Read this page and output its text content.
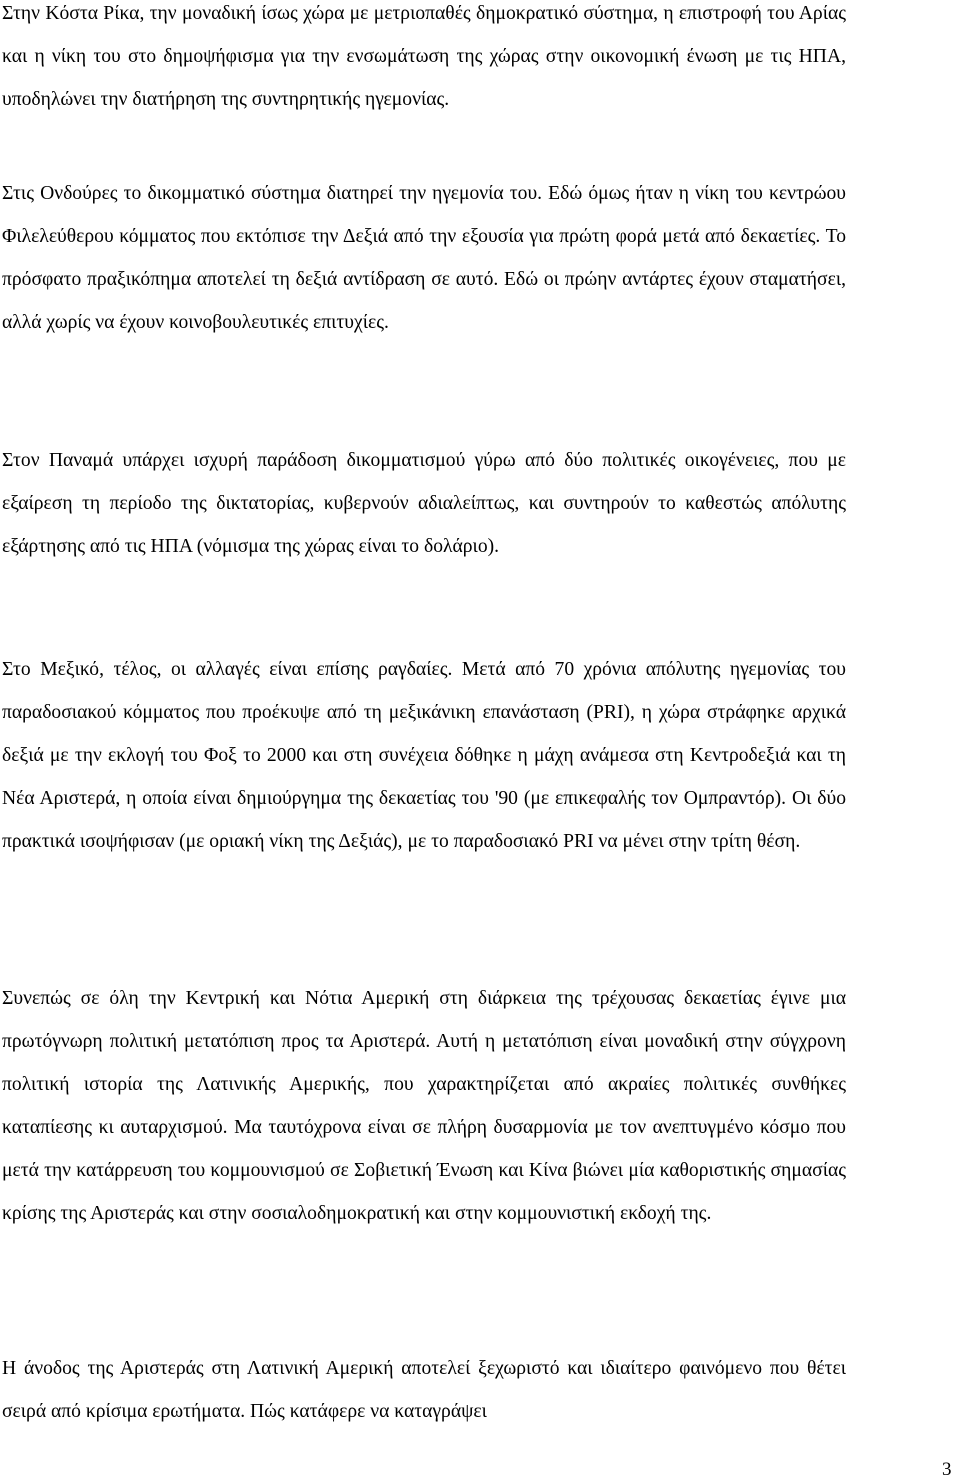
Στην Κόστα Ρίκα, την μοναδική ίσως χώρα με μετριοπαθές δημοκρατικό σύστημα, η επιστροφή του Αρίας και η νίκη του στο δημοψήφισμα για την ενσωμάτωση της χώρας στην οικονομική ένωση με τις ΗΠΑ, υποδηλώνει την διατήρηση της συντηρητικής ηγεμονίας.

Στις Ονδούρες το δικομματικό σύστημα διατηρεί την ηγεμονία του. Εδώ όμως ήταν η νίκη του κεντρώου Φιλελεύθερου κόμματος που εκτόπισε την Δεξιά από την εξουσία για πρώτη φορά μετά από δεκαετίες. Το πρόσφατο πραξικόπημα αποτελεί τη δεξιά αντίδραση σε αυτό. Εδώ οι πρώην αντάρτες έχουν σταματήσει, αλλά χωρίς να έχουν κοινοβουλευτικές επιτυχίες.

Στον Παναμά υπάρχει ισχυρή παράδοση δικομματισμού γύρω από δύο πολιτικές οικογένειες, που με εξαίρεση τη περίοδο της δικτατορίας, κυβερνούν αδιαλείπτως, και συντηρούν το καθεστώς απόλυτης εξάρτησης από τις ΗΠΑ (νόμισμα της χώρας είναι το δολάριο).

Στο Μεξικό, τέλος, οι αλλαγές είναι επίσης ραγδαίες. Μετά από 70 χρόνια απόλυτης ηγεμονίας του παραδοσιακού κόμματος που προέκυψε από τη μεξικάνικη επανάσταση (PRI), η χώρα στράφηκε αρχικά δεξιά με την εκλογή του Φοξ το 2000 και στη συνέχεια δόθηκε η μάχη ανάμεσα στη Κεντροδεξιά και τη Νέα Αριστερά, η οποία είναι δημιούργημα της δεκαετίας του '90 (με επικεφαλής τον Ομπραντόρ). Οι δύο πρακτικά ισοψήφισαν (με οριακή νίκη της Δεξιάς), με το παραδοσιακό PRI να μένει στην τρίτη θέση.

Συνεπώς σε όλη την Κεντρική και Νότια Αμερική στη διάρκεια της τρέχουσας δεκαετίας έγινε μια πρωτόγνωρη πολιτική μετατόπιση προς τα Αριστερά. Αυτή η μετατόπιση είναι μοναδική στην σύγχρονη πολιτική ιστορία της Λατινικής Αμερικής, που χαρακτηρίζεται από ακραίες πολιτικές συνθήκες καταπίεσης κι αυταρχισμού. Μα ταυτόχρονα είναι σε πλήρη δυσαρμονία με τον ανεπτυγμένο κόσμο που μετά την κατάρρευση του κομμουνισμού σε Σοβιετική Ένωση και Κίνα βιώνει μία καθοριστικής σημασίας κρίσης της Αριστεράς και στην σοσιαλοδημοκρατική και στην κομμουνιστική εκδοχή της.

Η άνοδος της Αριστεράς στη Λατινική Αμερική αποτελεί ξεχωριστό και ιδιαίτερο φαινόμενο που θέτει σειρά από κρίσιμα ερωτήματα. Πώς κατάφερε να καταγράψει

3
